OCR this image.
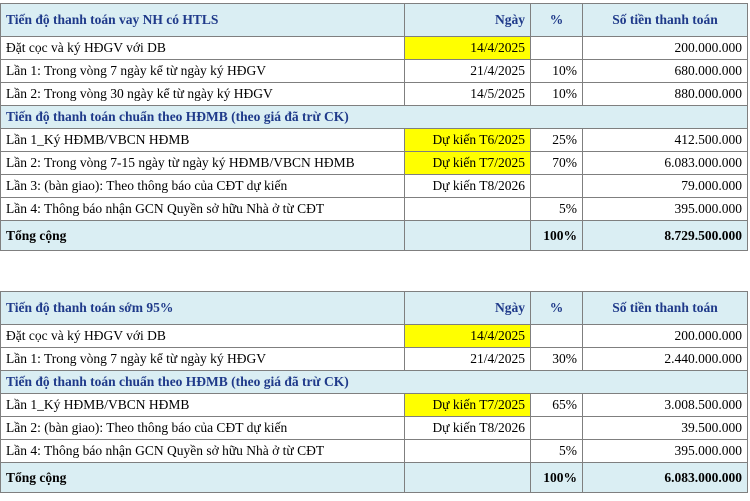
Tiến độ thanh toán vay NH có HTLS	Ngày	%	Số tiền thanh toán
Đặt cọc và ký HĐGV với DB	14/4/2025		200.000.000
Lần 1: Trong vòng 7 ngày kể từ ngày ký HĐGV	21/4/2025	10%	680.000.000
Lần 2: Trong vòng 30 ngày kể từ ngày ký HĐGV	14/5/2025	10%	880.000.000
Tiến độ thanh toán chuẩn theo HĐMB (theo giá đã trừ CK)			
Lần 1_Ký HĐMB/VBCN HĐMB	Dự kiến T6/2025	25%	412.500.000
Lần 2: Trong vòng 7-15 ngày từ ngày ký HĐMB/VBCN HĐMB	Dự kiến T7/2025	70%	6.083.000.000
Lần 3: (bàn giao): Theo thông báo của CĐT dự kiến	Dự kiến T8/2026		79.000.000
Lần 4: Thông báo nhận GCN Quyền sở hữu Nhà ở từ CĐT		5%	395.000.000
Tổng cộng		100%	8.729.500.000
Tiến độ thanh toán sớm 95%	Ngày	%	Số tiền thanh toán
Đặt cọc và ký HĐGV với DB	14/4/2025		200.000.000
Lần 1: Trong vòng 7 ngày kể từ ngày ký HĐGV	21/4/2025	30%	2.440.000.000
Tiến độ thanh toán chuẩn theo HĐMB (theo giá đã trừ CK)			
Lần 1_Ký HĐMB/VBCN HĐMB	Dự kiến T7/2025	65%	3.008.500.000
Lần 2: (bàn giao): Theo thông báo của CĐT dự kiến	Dự kiến T8/2026		39.500.000
Lần 4: Thông báo nhận GCN Quyền sở hữu Nhà ở từ CĐT		5%	395.000.000
Tổng cộng		100%	6.083.000.000
